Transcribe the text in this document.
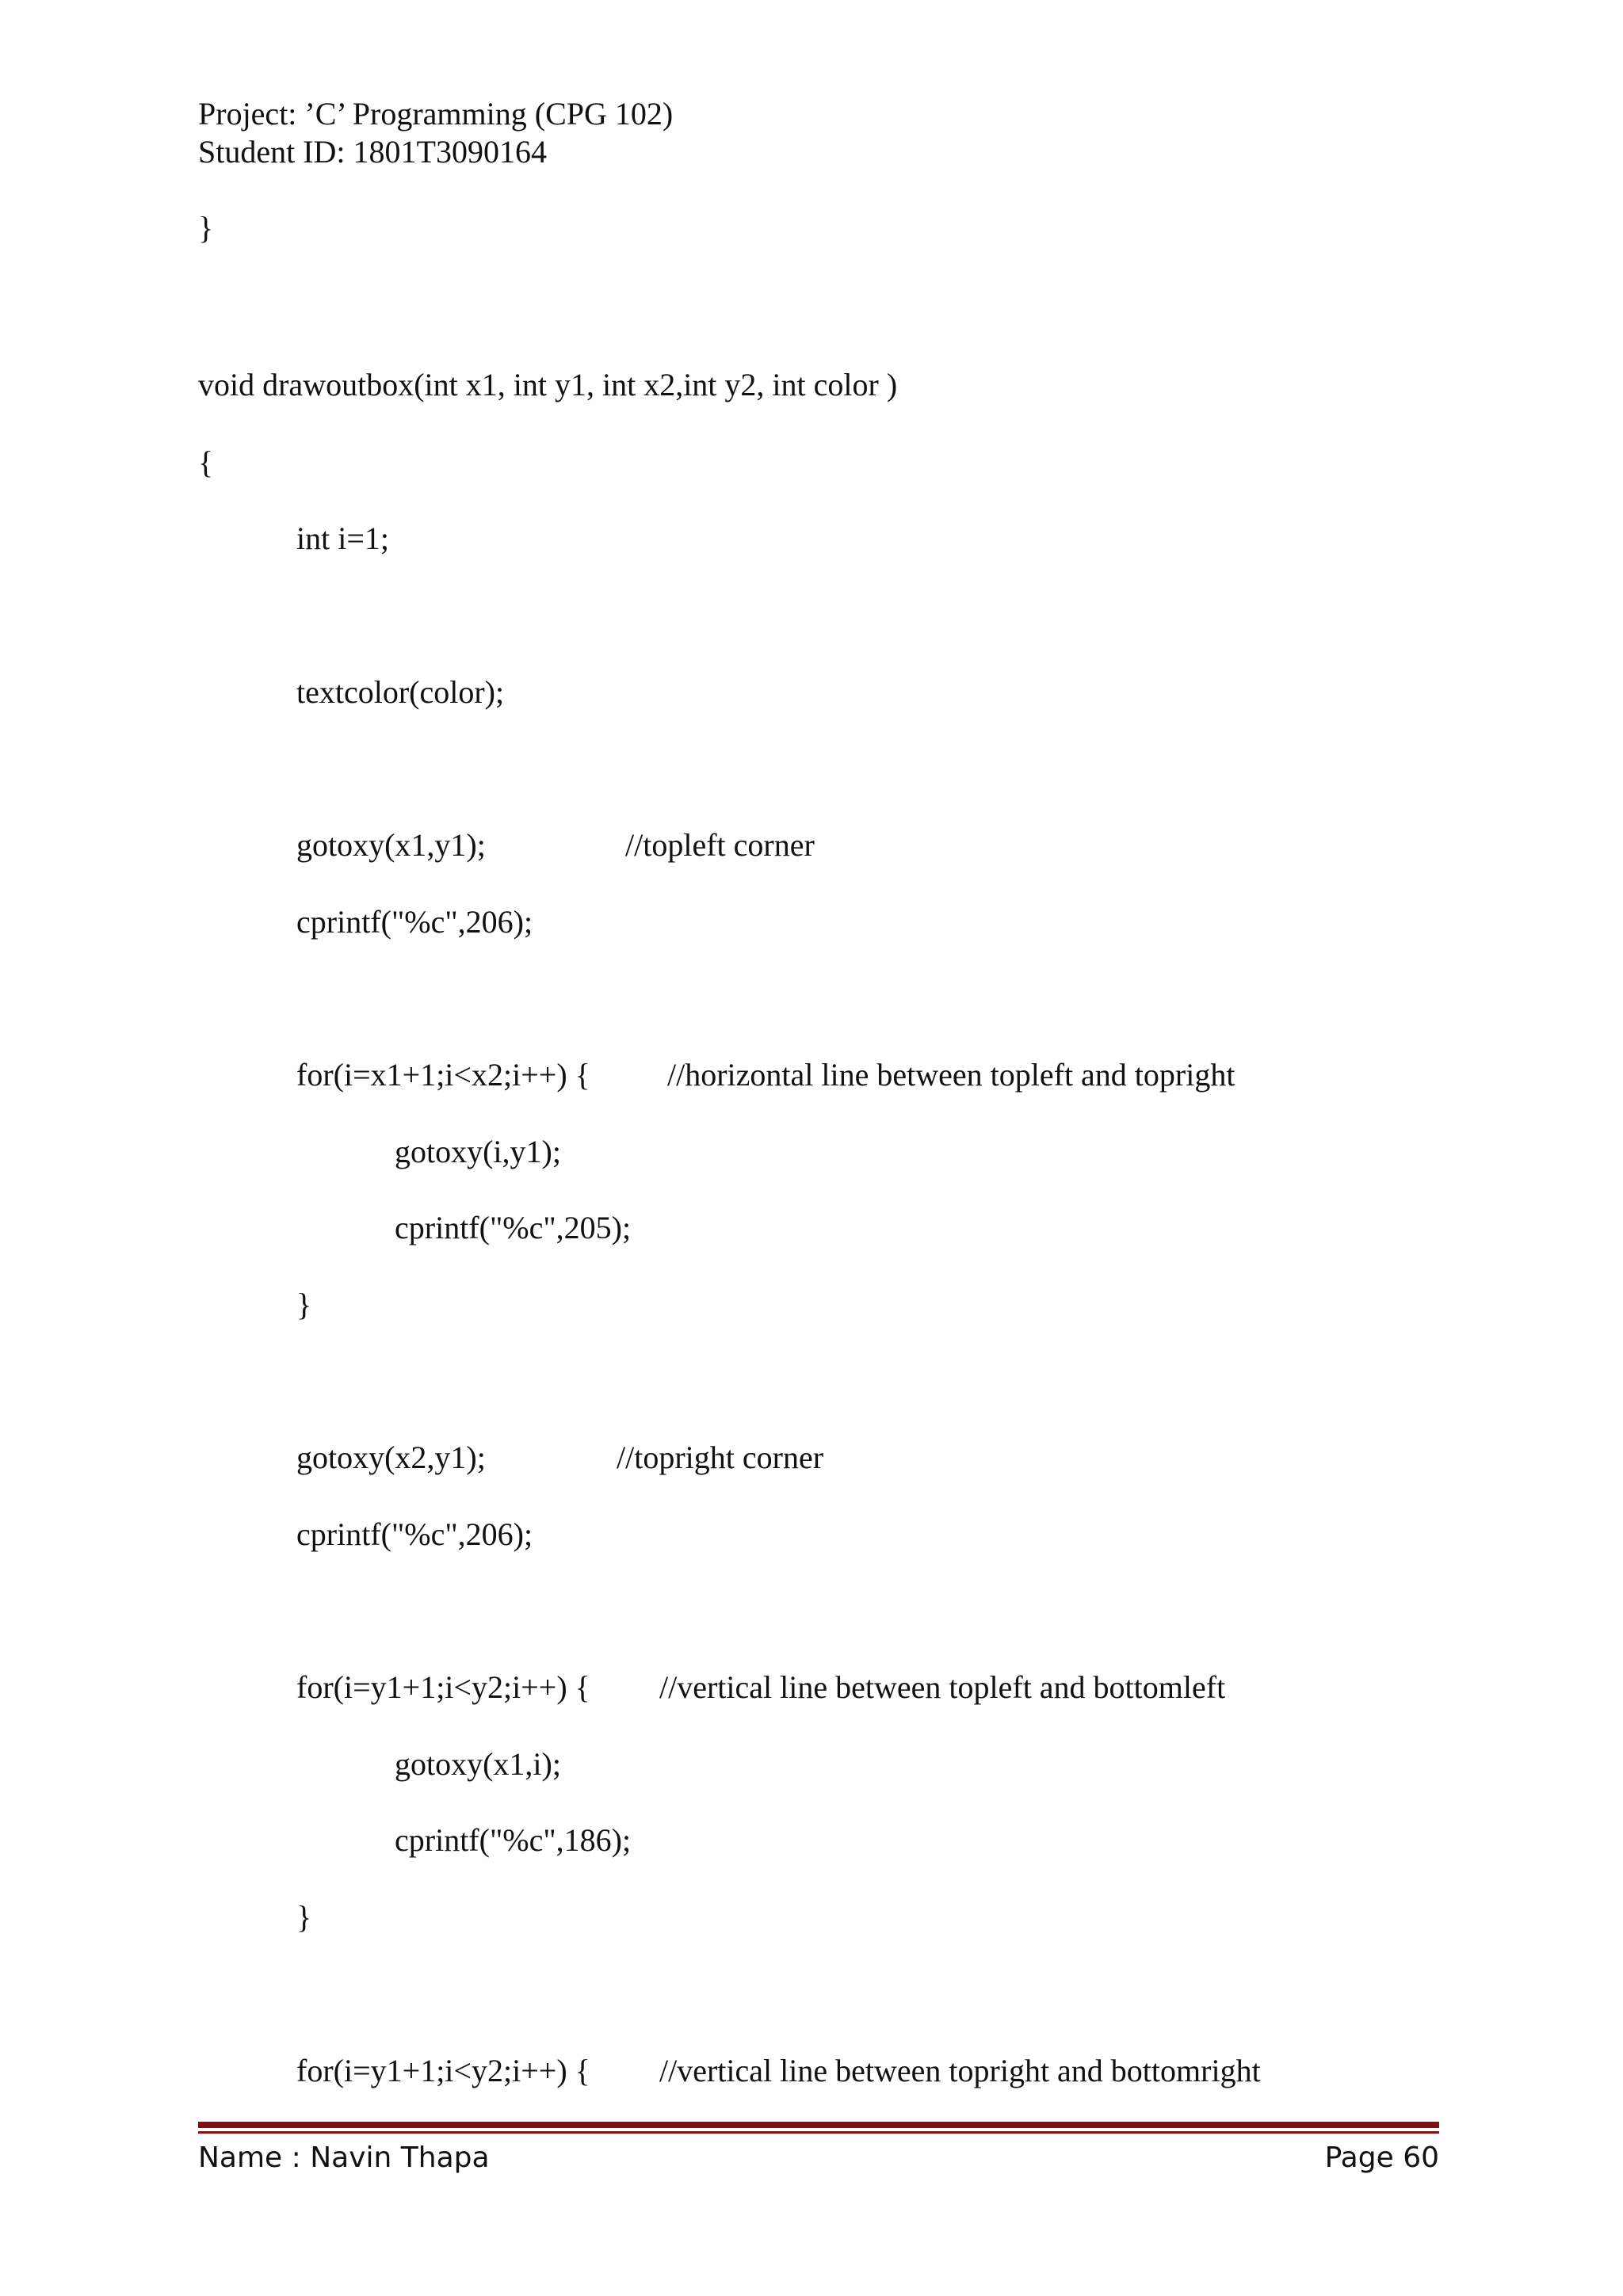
Project: ’C’ Programming (CPG 102)
Student ID: 1801T3090164
}
void drawoutbox(int x1, int y1, int x2,int y2, int color )
{
int i=1;
textcolor(color);
gotoxy(x1,y1);	//topleft corner
cprintf("%c",206);
for(i=x1+1;i<x2;i++) { //horizontal line between topleft and topright
gotoxy(i,y1);
cprintf("%c",205);
}
gotoxy(x2,y1);	//topright corner
cprintf("%c",206);
for(i=y1+1;i<y2;i++) { //vertical line between topleft and bottomleft
gotoxy(x1,i);
cprintf("%c",186);
}
for(i=y1+1;i<y2;i++) { //vertical line between topright and bottomright
Name : Navin Thapa	Page 60
